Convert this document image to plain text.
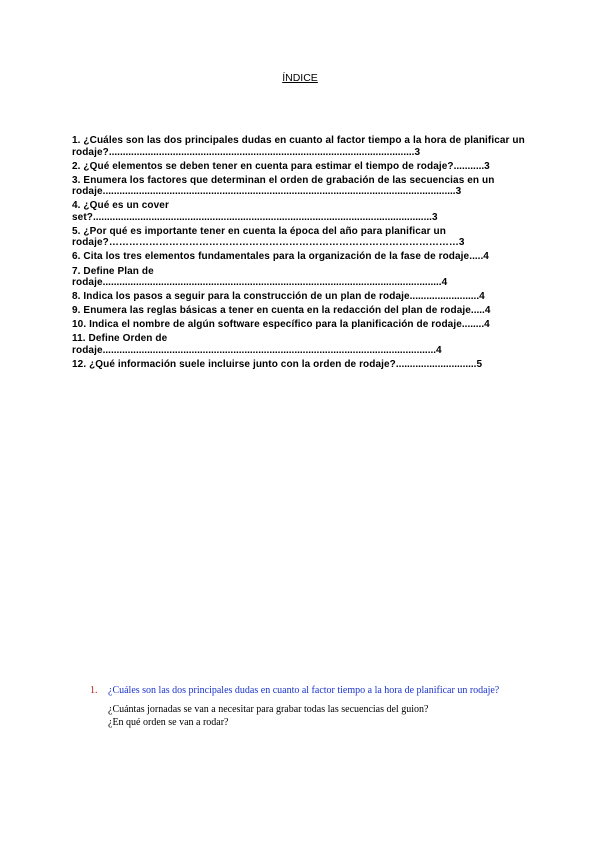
ÍNDICE
1. ¿Cuáles son las dos principales dudas en cuanto al factor tiempo a la hora de planificar un rodaje?..............................................................................................................3
2. ¿Qué elementos se deben tener en cuenta para estimar el tiempo de rodaje?...........3
3. Enumera los factores que determinan el orden de grabación de las secuencias en un rodaje...............................................................................................................................3
4. ¿Qué es un cover set?..........................................................................................................................3
5. ¿Por qué es importante tener en cuenta la época del año para planificar un rodaje?……………………………………………………………………………………………3
6. Cita los tres elementos fundamentales para la organización de la fase de rodaje.....4
7. Define Plan de rodaje..........................................................................................................................4
8. Indica los pasos a seguir para la construcción de un plan de rodaje.........................4
9. Enumera las reglas básicas a tener en cuenta en la redacción del plan de rodaje.....4
10. Indica el nombre de algún software específico para la planificación de rodaje........4
11. Define Orden de rodaje........................................................................................................................4
12. ¿Qué información suele incluirse junto con la orden de rodaje?.............................5
1.	¿Cuáles son las dos principales dudas en cuanto al factor tiempo a la hora de planificar un rodaje?
¿Cuántas jornadas se van a necesitar para grabar todas las secuencias del guion?
¿En qué orden se van a rodar?
